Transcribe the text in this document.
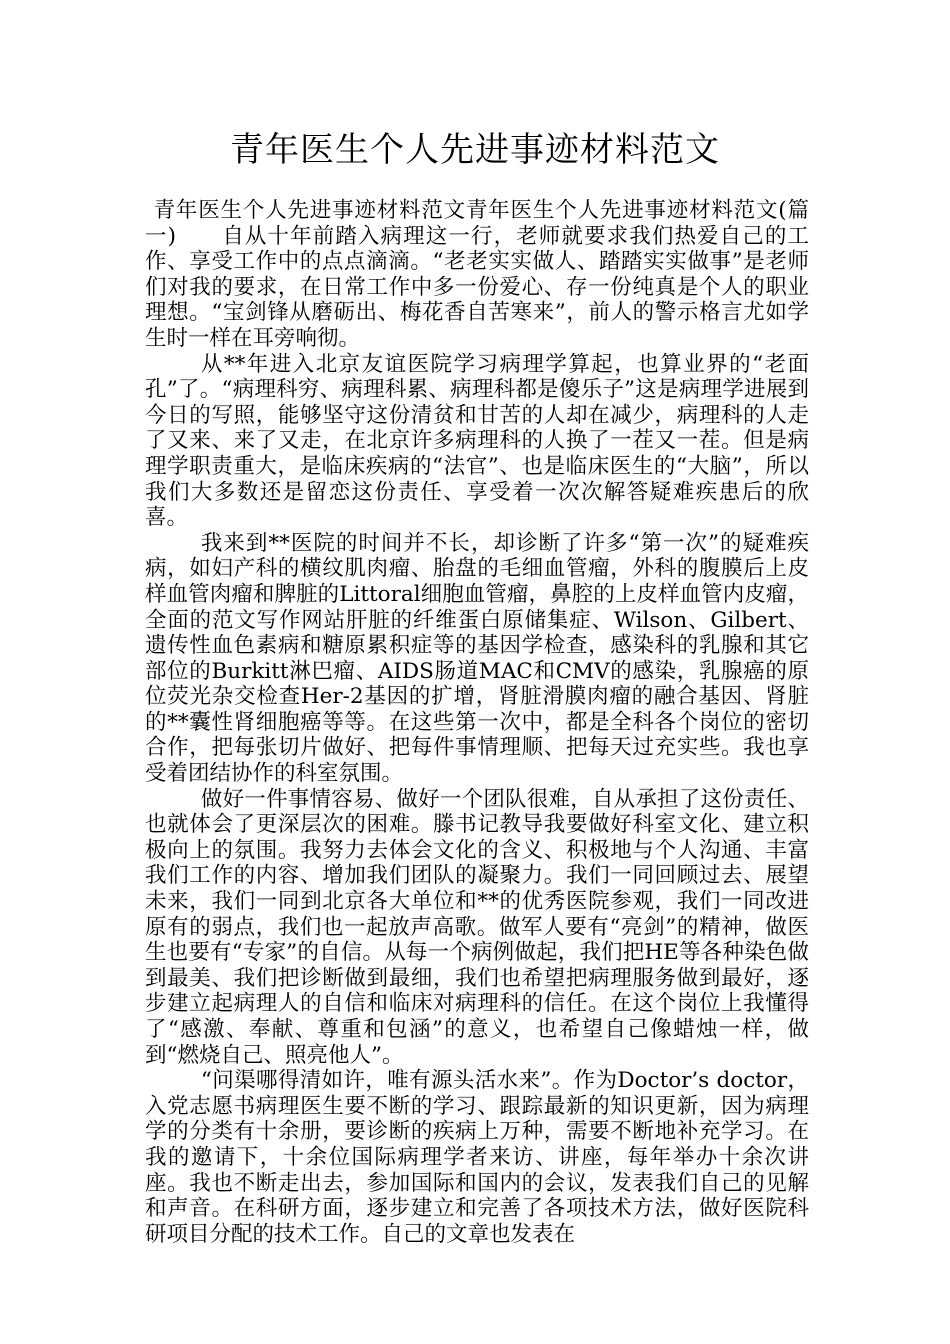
青年医生个人先进事迹材料范文

青年医生个人先进事迹材料范文青年医生个人先进事迹材料范文(篇一)　　自从十年前踏入病理这一行，老师就要求我们热爱自己的工作、享受工作中的点点滴滴。“老老实实做人、踏踏实实做事”是老师们对我的要求，在日常工作中多一份爱心、存一份纯真是个人的职业理想。“宝剑锋从磨砺出、梅花香自苦寒来”，前人的警示格言尤如学生时一样在耳旁响彻。

从**年进入北京友谊医院学习病理学算起，也算业界的“老面孔”了。“病理科穷、病理科累、病理科都是傻乐子”这是病理学进展到今日的写照，能够坚守这份清贫和甘苦的人却在减少，病理科的人走了又来、来了又走，在北京许多病理科的人换了一茬又一茬。但是病理学职责重大，是临床疾病的“法官”、也是临床医生的“大脑”，所以我们大多数还是留恋这份责任、享受着一次次解答疑难疾患后的欣喜。

我来到**医院的时间并不长，却诊断了许多“第一次”的疑难疾病，如妇产科的横纹肌肉瘤、胎盘的毛细血管瘤，外科的腹膜后上皮样血管肉瘤和脾脏的Littoral细胞血管瘤，鼻腔的上皮样血管内皮瘤，全面的范文写作网站肝脏的纤维蛋白原储集症、Wilson、Gilbert、遗传性血色素病和糖原累积症等的基因学检查，感染科的乳腺和其它部位的Burkitt淋巴瘤、AIDS肠道MAC和CMV的感染，乳腺癌的原位荧光杂交检查Her-2基因的扩增，肾脏滑膜肉瘤的融合基因、肾脏的**囊性肾细胞癌等等。在这些第一次中，都是全科各个岗位的密切合作，把每张切片做好、把每件事情理顺、把每天过充实些。我也享受着团结协作的科室氛围。

做好一件事情容易、做好一个团队很难，自从承担了这份责任、也就体会了更深层次的困难。滕书记教导我要做好科室文化、建立积极向上的氛围。我努力去体会文化的含义、积极地与个人沟通、丰富我们工作的内容、增加我们团队的凝聚力。我们一同回顾过去、展望未来，我们一同到北京各大单位和**的优秀医院参观，我们一同改进原有的弱点，我们也一起放声高歌。做军人要有“亮剑”的精神，做医生也要有“专家”的自信。从每一个病例做起，我们把HE等各种染色做到最美、我们把诊断做到最细，我们也希望把病理服务做到最好，逐步建立起病理人的自信和临床对病理科的信任。在这个岗位上我懂得了“感激、奉献、尊重和包涵”的意义，也希望自己像蜡烛一样，做到“燃烧自己、照亮他人”。

“问渠哪得清如许，唯有源头活水来”。作为Doctor’s doctor，入党志愿书病理医生要不断的学习、跟踪最新的知识更新，因为病理学的分类有十余册，要诊断的疾病上万种，需要不断地补充学习。在我的邀请下，十余位国际病理学者来访、讲座，每年举办十余次讲座。我也不断走出去，参加国际和国内的会议，发表我们自己的见解和声音。在科研方面，逐步建立和完善了各项技术方法，做好医院科研项目分配的技术工作。自己的文章也发表在
